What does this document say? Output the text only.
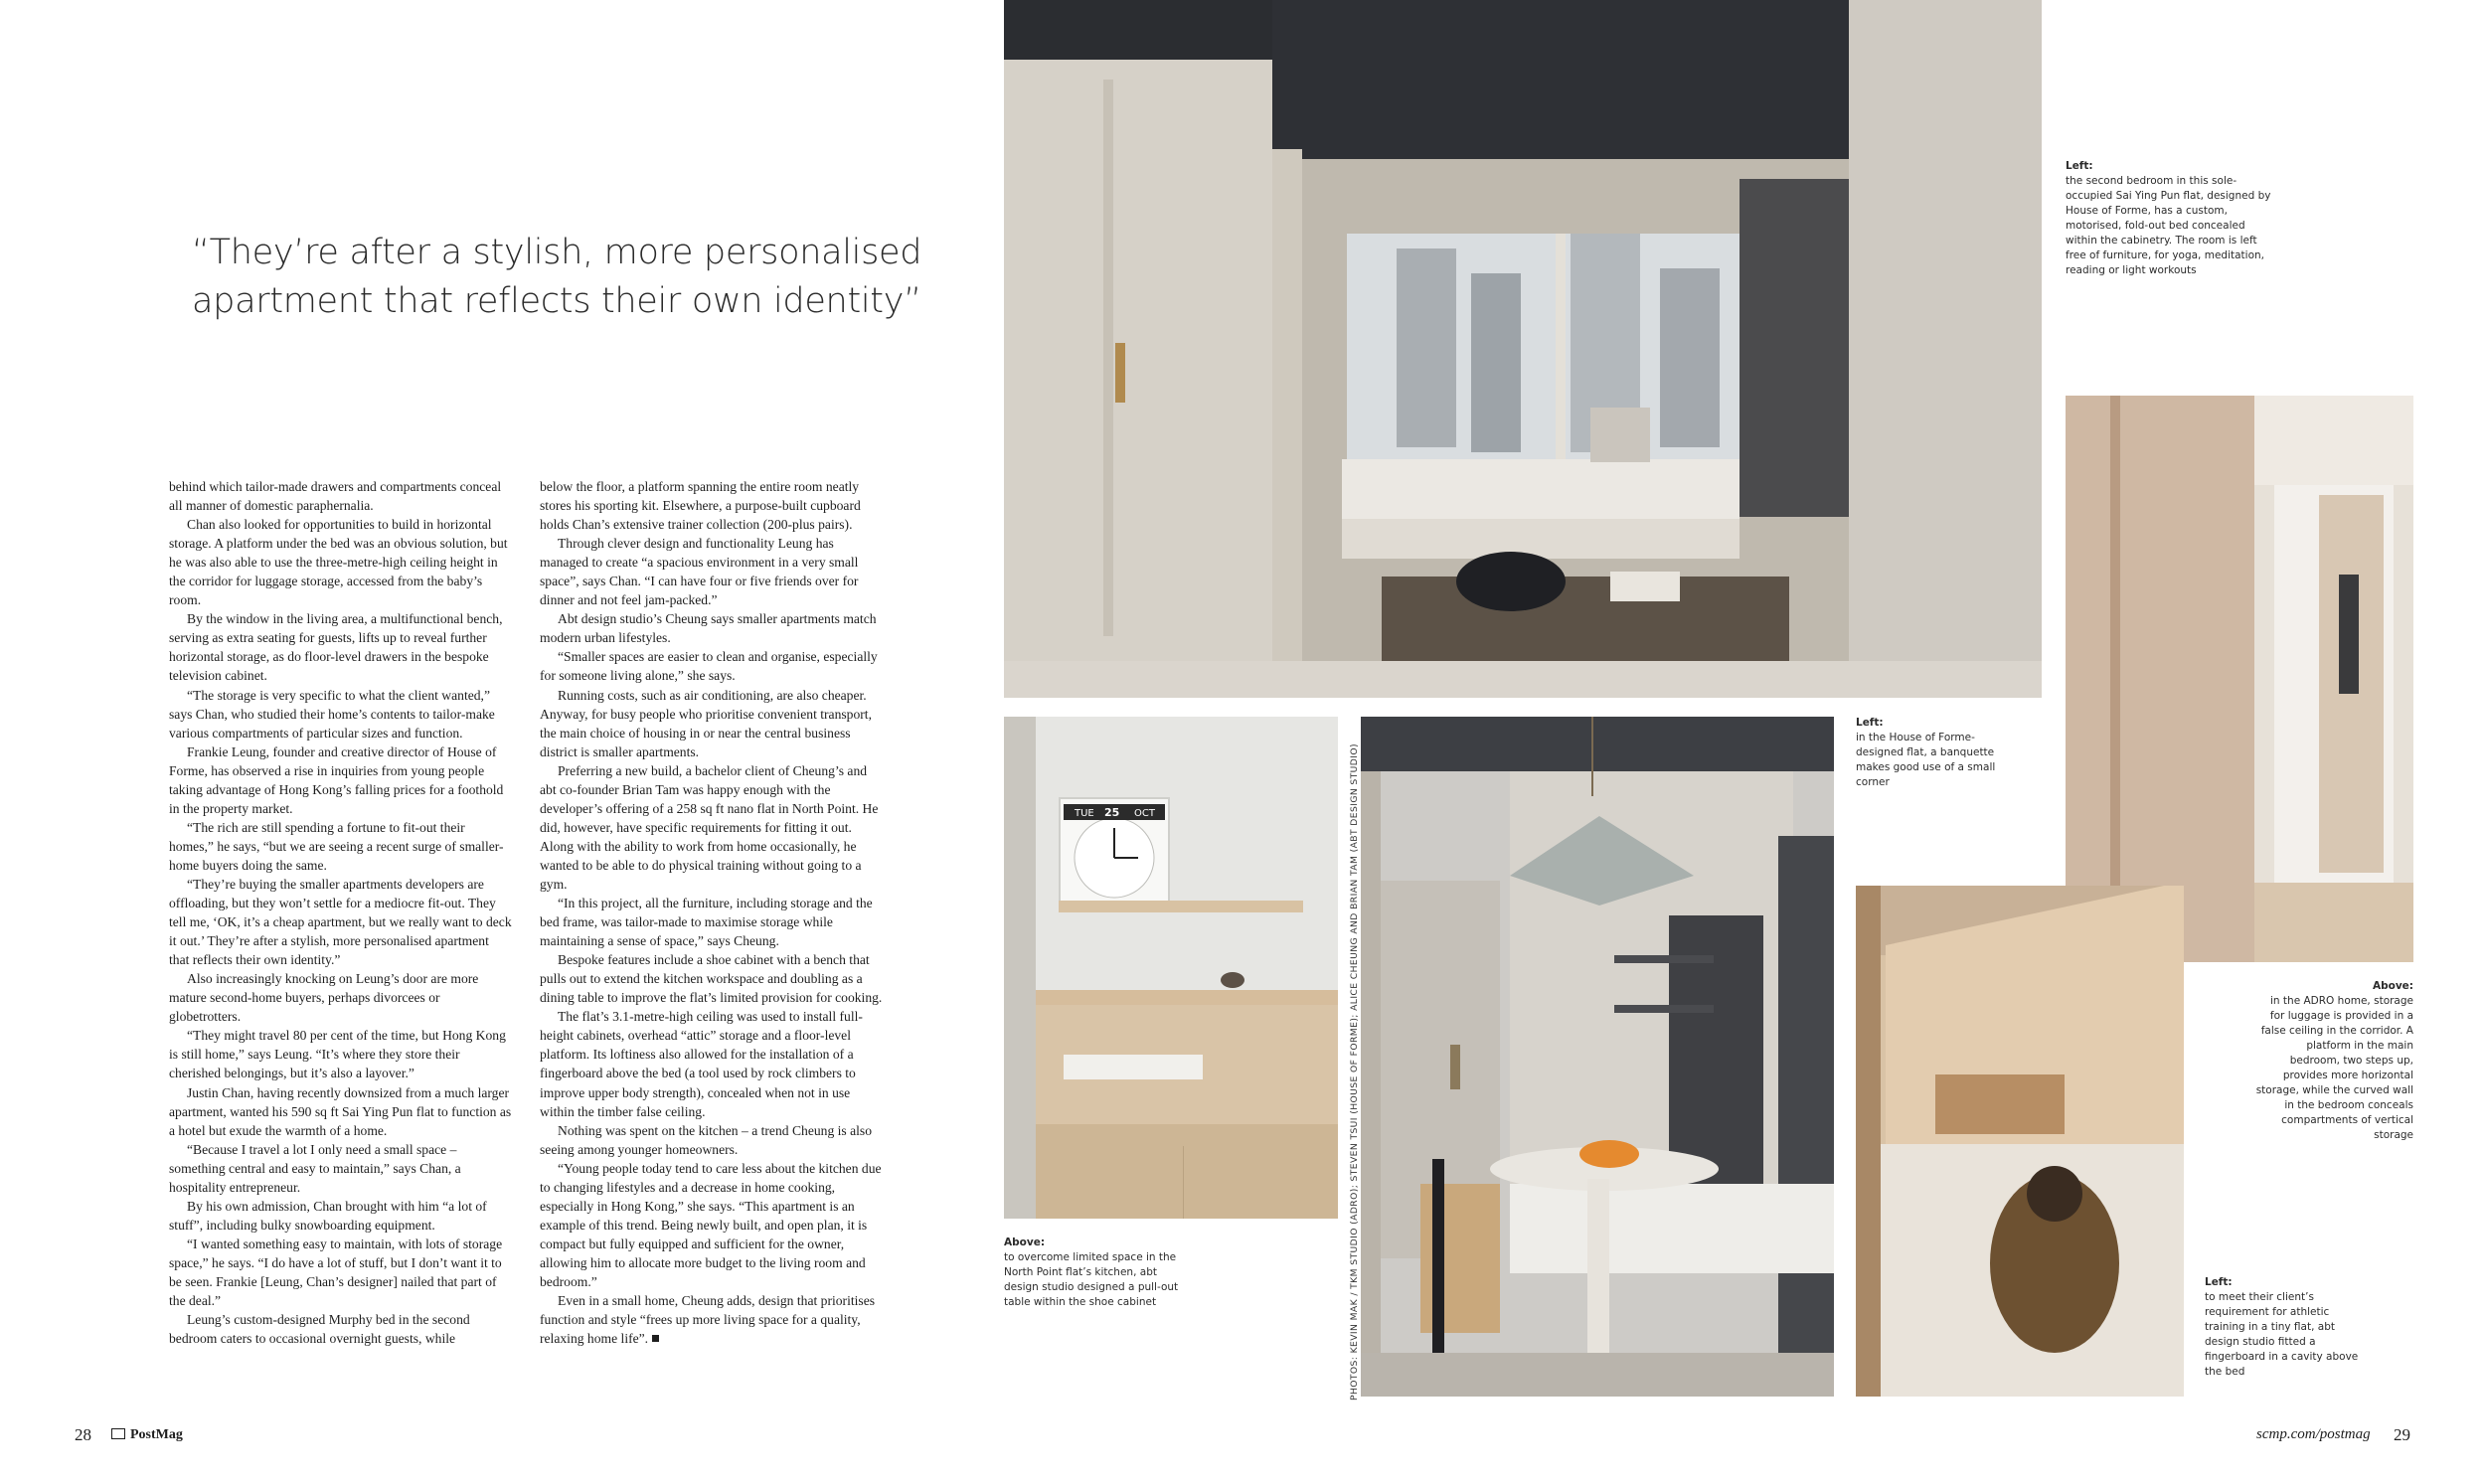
“They’re after a stylish, more personalised apartment that reflects their own identity”

behind which tailor-made drawers and compartments conceal all manner of domestic paraphernalia.

Chan also looked for opportunities to build in horizontal storage. A platform under the bed was an obvious solution, but he was also able to use the three-metre-high ceiling height in the corridor for luggage storage, accessed from the baby’s room.

By the window in the living area, a multifunctional bench, serving as extra seating for guests, lifts up to reveal further horizontal storage, as do floor-level drawers in the bespoke television cabinet.

“The storage is very specific to what the client wanted,” says Chan, who studied their home’s contents to tailor-make various compartments of particular sizes and function.

Frankie Leung, founder and creative director of House of Forme, has observed a rise in inquiries from young people taking advantage of Hong Kong’s falling prices for a foothold in the property market.

“The rich are still spending a fortune to fit-out their homes,” he says, “but we are seeing a recent surge of smaller-home buyers doing the same.

“They’re buying the smaller apartments developers are offloading, but they won’t settle for a mediocre fit-out. They tell me, ‘OK, it’s a cheap apartment, but we really want to deck it out.’ They’re after a stylish, more personalised apartment that reflects their own identity.”

Also increasingly knocking on Leung’s door are more mature second-home buyers, perhaps divorcees or globetrotters.

“They might travel 80 per cent of the time, but Hong Kong is still home,” says Leung. “It’s where they store their cherished belongings, but it’s also a layover.”

Justin Chan, having recently downsized from a much larger apartment, wanted his 590 sq ft Sai Ying Pun flat to function as a hotel but exude the warmth of a home.

“Because I travel a lot I only need a small space – something central and easy to maintain,” says Chan, a hospitality entrepreneur.

By his own admission, Chan brought with him “a lot of stuff”, including bulky snowboarding equipment.

“I wanted something easy to maintain, with lots of storage space,” he says. “I do have a lot of stuff, but I don’t want it to be seen. Frankie [Leung, Chan’s designer] nailed that part of the deal.”

Leung’s custom-designed Murphy bed in the second bedroom caters to occasional overnight guests, while

below the floor, a platform spanning the entire room neatly stores his sporting kit. Elsewhere, a purpose-built cupboard holds Chan’s extensive trainer collection (200-plus pairs).

Through clever design and functionality Leung has managed to create “a spacious environment in a very small space”, says Chan. “I can have four or five friends over for dinner and not feel jam-packed.”

Abt design studio’s Cheung says smaller apartments match modern urban lifestyles.

“Smaller spaces are easier to clean and organise, especially for someone living alone,” she says.

Running costs, such as air conditioning, are also cheaper. Anyway, for busy people who prioritise convenient transport, the main choice of housing in or near the central business district is smaller apartments.

Preferring a new build, a bachelor client of Cheung’s and abt co-founder Brian Tam was happy enough with the developer’s offering of a 258 sq ft nano flat in North Point. He did, however, have specific requirements for fitting it out. Along with the ability to work from home occasionally, he wanted to be able to do physical training without going to a gym.

“In this project, all the furniture, including storage and the bed frame, was tailor-made to maximise storage while maintaining a sense of space,” says Cheung.

Bespoke features include a shoe cabinet with a bench that pulls out to extend the kitchen workspace and doubling as a dining table to improve the flat’s limited provision for cooking.

The flat’s 3.1-metre-high ceiling was used to install full-height cabinets, overhead “attic” storage and a floor-level platform. Its loftiness also allowed for the installation of a fingerboard above the bed (a tool used by rock climbers to improve upper body strength), concealed when not in use within the timber false ceiling.

Nothing was spent on the kitchen – a trend Cheung is also seeing among younger homeowners.

“Young people today tend to care less about the kitchen due to changing lifestyles and a decrease in home cooking, especially in Hong Kong,” she says. “This apartment is an example of this trend. Being newly built, and open plan, it is compact but fully equipped and sufficient for the owner, allowing him to allocate more budget to the living room and bedroom.”

Even in a small home, Cheung adds, design that prioritises function and style “frees up more living space for a quality, relaxing home life”.

TUE 25 OCT
Left:
the second bedroom in this sole-occupied Sai Ying Pun flat, designed by House of Forme, has a custom, motorised, fold-out bed concealed within the cabinetry. The room is left free of furniture, for yoga, meditation, reading or light workouts
Left:
in the House of Forme-designed flat, a banquette makes good use of a small corner
Above:
in the ADRO home, storage for luggage is provided in a false ceiling in the corridor. A platform in the main bedroom, two steps up, provides more horizontal storage, while the curved wall in the bedroom conceals compartments of vertical storage
Above:
to overcome limited space in the North Point flat’s kitchen, abt design studio designed a pull-out table within the shoe cabinet
Left:
to meet their client’s requirement for athletic training in a tiny flat, abt design studio fitted a fingerboard in a cavity above the bed
PHOTOS: KEVIN MAK / TKM STUDIO (ADRO); STEVEN TSUI (HOUSE OF FORME); ALICE CHEUNG AND BRIAN TAM (ABT DESIGN STUDIO)
28	PostMag	scmp.com/postmag 29
